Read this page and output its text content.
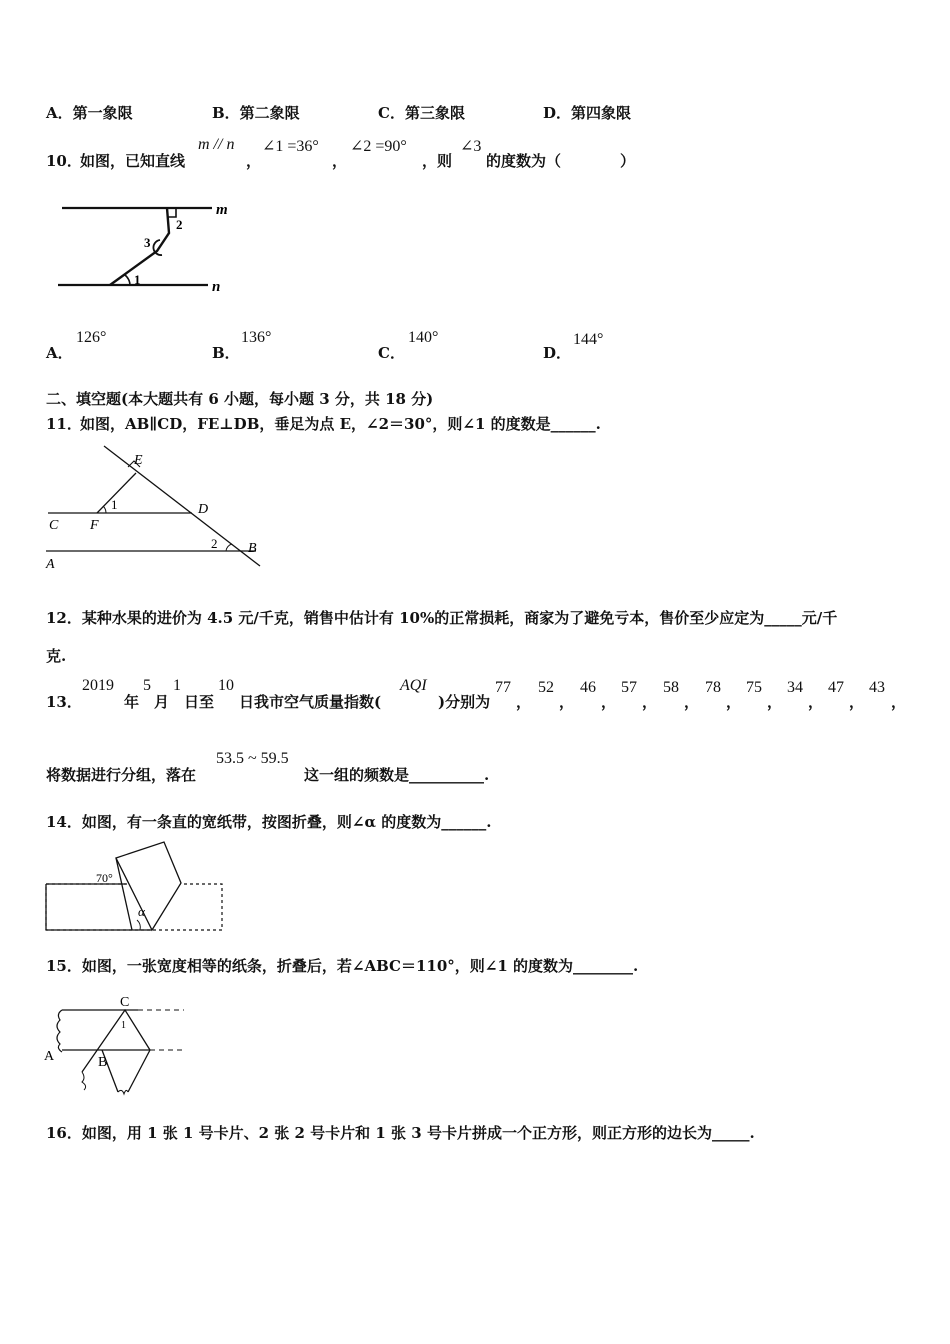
A．第一象限	B．第二象限	C．第三象限	D．第四象限
10．
如图，已知直线
m // n
，
∠1 =36°
，
∠2 =90°
，则
∠3
的度数为（	）
m
n
2
3
1
A．
126°
B．
136°
C．
140°
D．
144°
二、填空题(本大题共有 6 小题，每小题 3 分，共 18 分)
11．
如图，AB∥CD，FE⊥DB，垂足为点 E，∠2＝30°，则∠1 的度数是______.
E
1	D
C F
2 B
A
12．某种水果的进价为 4.5 元/千克，销售中估计有 10%的正常损耗，商家为了避免亏本，售价至少应定为_____元/千
克.
13．
2019
年
5
月
1
日至
10
日我市空气质量指数(
AQI
)分别为
77
，
52
，
46
，
57
，
58
，
78
，
75
，
34
，
47
，
43
，
将数据进行分组，落在
53.5 ~ 59.5
这一组的频数是__________.
14．如图，有一条直的宽纸带，按图折叠，则∠α 的度数为______.
70°
α
15．如图，一张宽度相等的纸条，折叠后，若∠ABC＝110°，则∠1 的度数为________.
C
1
A	B
16．如图，用 1 张 1 号卡片、2 张 2 号卡片和 1 张 3 号卡片拼成一个正方形，则正方形的边长为_____.
